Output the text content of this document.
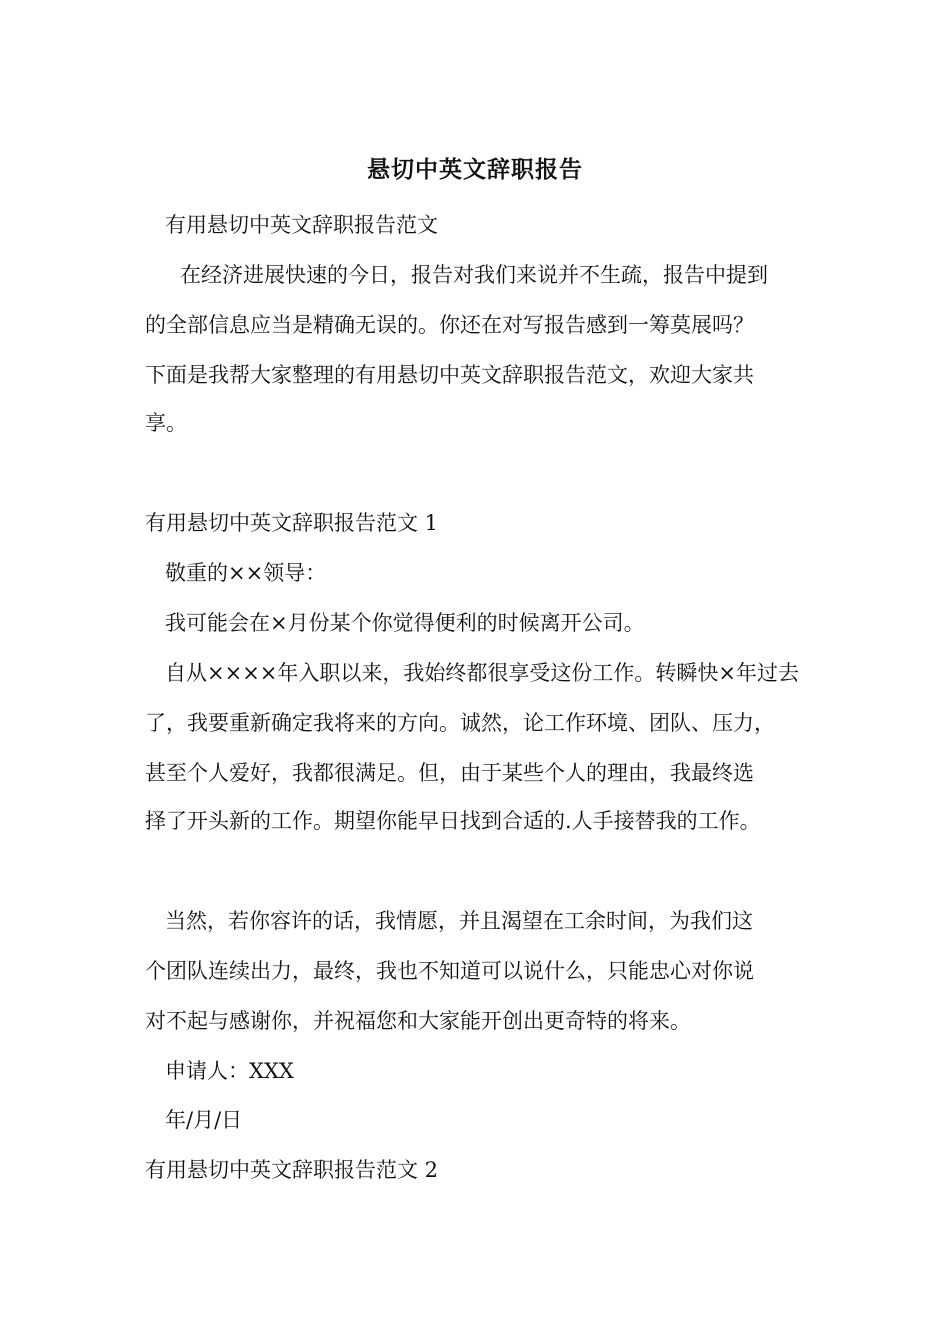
悬切中英文辞职报告
有用悬切中英文辞职报告范文
在经济进展快速的今日，报告对我们来说并不生疏，报告中提到
的全部信息应当是精确无误的。你还在对写报告感到一筹莫展吗？
下面是我帮大家整理的有用悬切中英文辞职报告范文，欢迎大家共
享。
有用悬切中英文辞职报告范文 1
敬重的××领导：
我可能会在×月份某个你觉得便利的时候离开公司。
自从××××年入职以来，我始终都很享受这份工作。转瞬快×年过去
了，我要重新确定我将来的方向。诚然，论工作环境、团队、压力，
甚至个人爱好，我都很满足。但，由于某些个人的理由，我最终选
择了开头新的工作。期望你能早日找到合适的.人手接替我的工作。
当然，若你容许的话，我情愿，并且渴望在工余时间，为我们这
个团队连续出力，最终，我也不知道可以说什么，只能忠心对你说
对不起与感谢你，并祝福您和大家能开创出更奇特的将来。
申请人：XXX
年/月/日
有用悬切中英文辞职报告范文 2
